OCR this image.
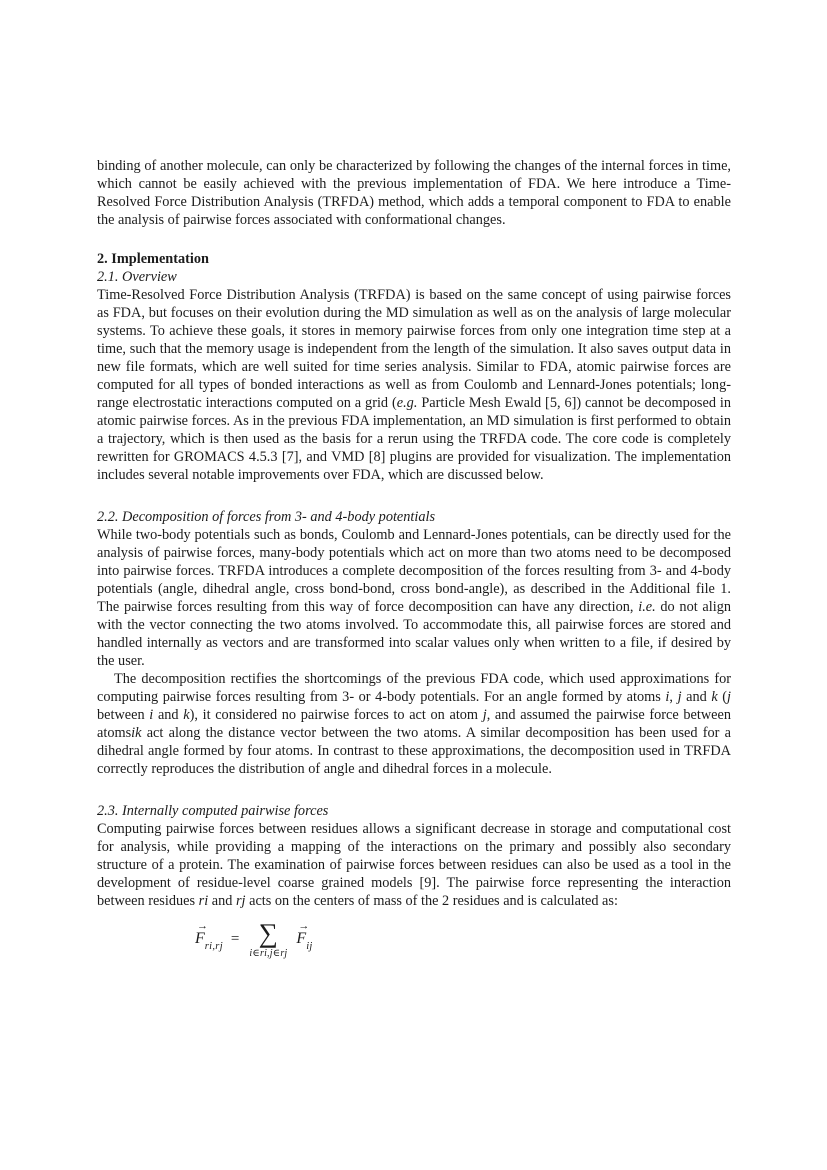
binding of another molecule, can only be characterized by following the changes of the internal forces in time, which cannot be easily achieved with the previous implementation of FDA. We here introduce a Time-Resolved Force Distribution Analysis (TRFDA) method, which adds a temporal component to FDA to enable the analysis of pairwise forces associated with conformational changes.

2. Implementation
2.1. Overview

Time-Resolved Force Distribution Analysis (TRFDA) is based on the same concept of using pairwise forces as FDA, but focuses on their evolution during the MD simulation as well as on the analysis of large molecular systems. To achieve these goals, it stores in memory pairwise forces from only one integration time step at a time, such that the memory usage is independent from the length of the simulation. It also saves output data in new file formats, which are well suited for time series analysis. Similar to FDA, atomic pairwise forces are computed for all types of bonded interactions as well as from Coulomb and Lennard-Jones potentials; long-range electrostatic interactions computed on a grid (e.g. Particle Mesh Ewald [5, 6]) cannot be decomposed in atomic pairwise forces. As in the previous FDA implementation, an MD simulation is first performed to obtain a trajectory, which is then used as the basis for a rerun using the TRFDA code. The core code is completely rewritten for GROMACS 4.5.3 [7], and VMD [8] plugins are provided for visualization. The implementation includes several notable improvements over FDA, which are discussed below.

2.2. Decomposition of forces from 3- and 4-body potentials

While two-body potentials such as bonds, Coulomb and Lennard-Jones potentials, can be directly used for the analysis of pairwise forces, many-body potentials which act on more than two atoms need to be decomposed into pairwise forces. TRFDA introduces a complete decomposition of the forces resulting from 3- and 4-body potentials (angle, dihedral angle, cross bond-bond, cross bond-angle), as described in the Additional file 1. The pairwise forces resulting from this way of force decomposition can have any direction, i.e. do not align with the vector connecting the two atoms involved. To accommodate this, all pairwise forces are stored and handled internally as vectors and are transformed into scalar values only when written to a file, if desired by the user.

The decomposition rectifies the shortcomings of the previous FDA code, which used approximations for computing pairwise forces resulting from 3- or 4-body potentials. For an angle formed by atoms i, j and k (j between i and k), it considered no pairwise forces to act on atom j, and assumed the pairwise force between atomsik act along the distance vector between the two atoms. A similar decomposition has been used for a dihedral angle formed by four atoms. In contrast to these approximations, the decomposition used in TRFDA correctly reproduces the distribution of angle and dihedral forces in a molecule.

2.3. Internally computed pairwise forces

Computing pairwise forces between residues allows a significant decrease in storage and computational cost for analysis, while providing a mapping of the interactions on the primary and possibly also secondary structure of a protein. The examination of pairwise forces between residues can also be used as a tool in the development of residue-level coarse grained models [9]. The pairwise force representing the interaction between residues ri and rj acts on the centers of mass of the 2 residues and is calculated as:

→
F ri,rj = ∑
i∈ri,j∈rj
→
F ij
